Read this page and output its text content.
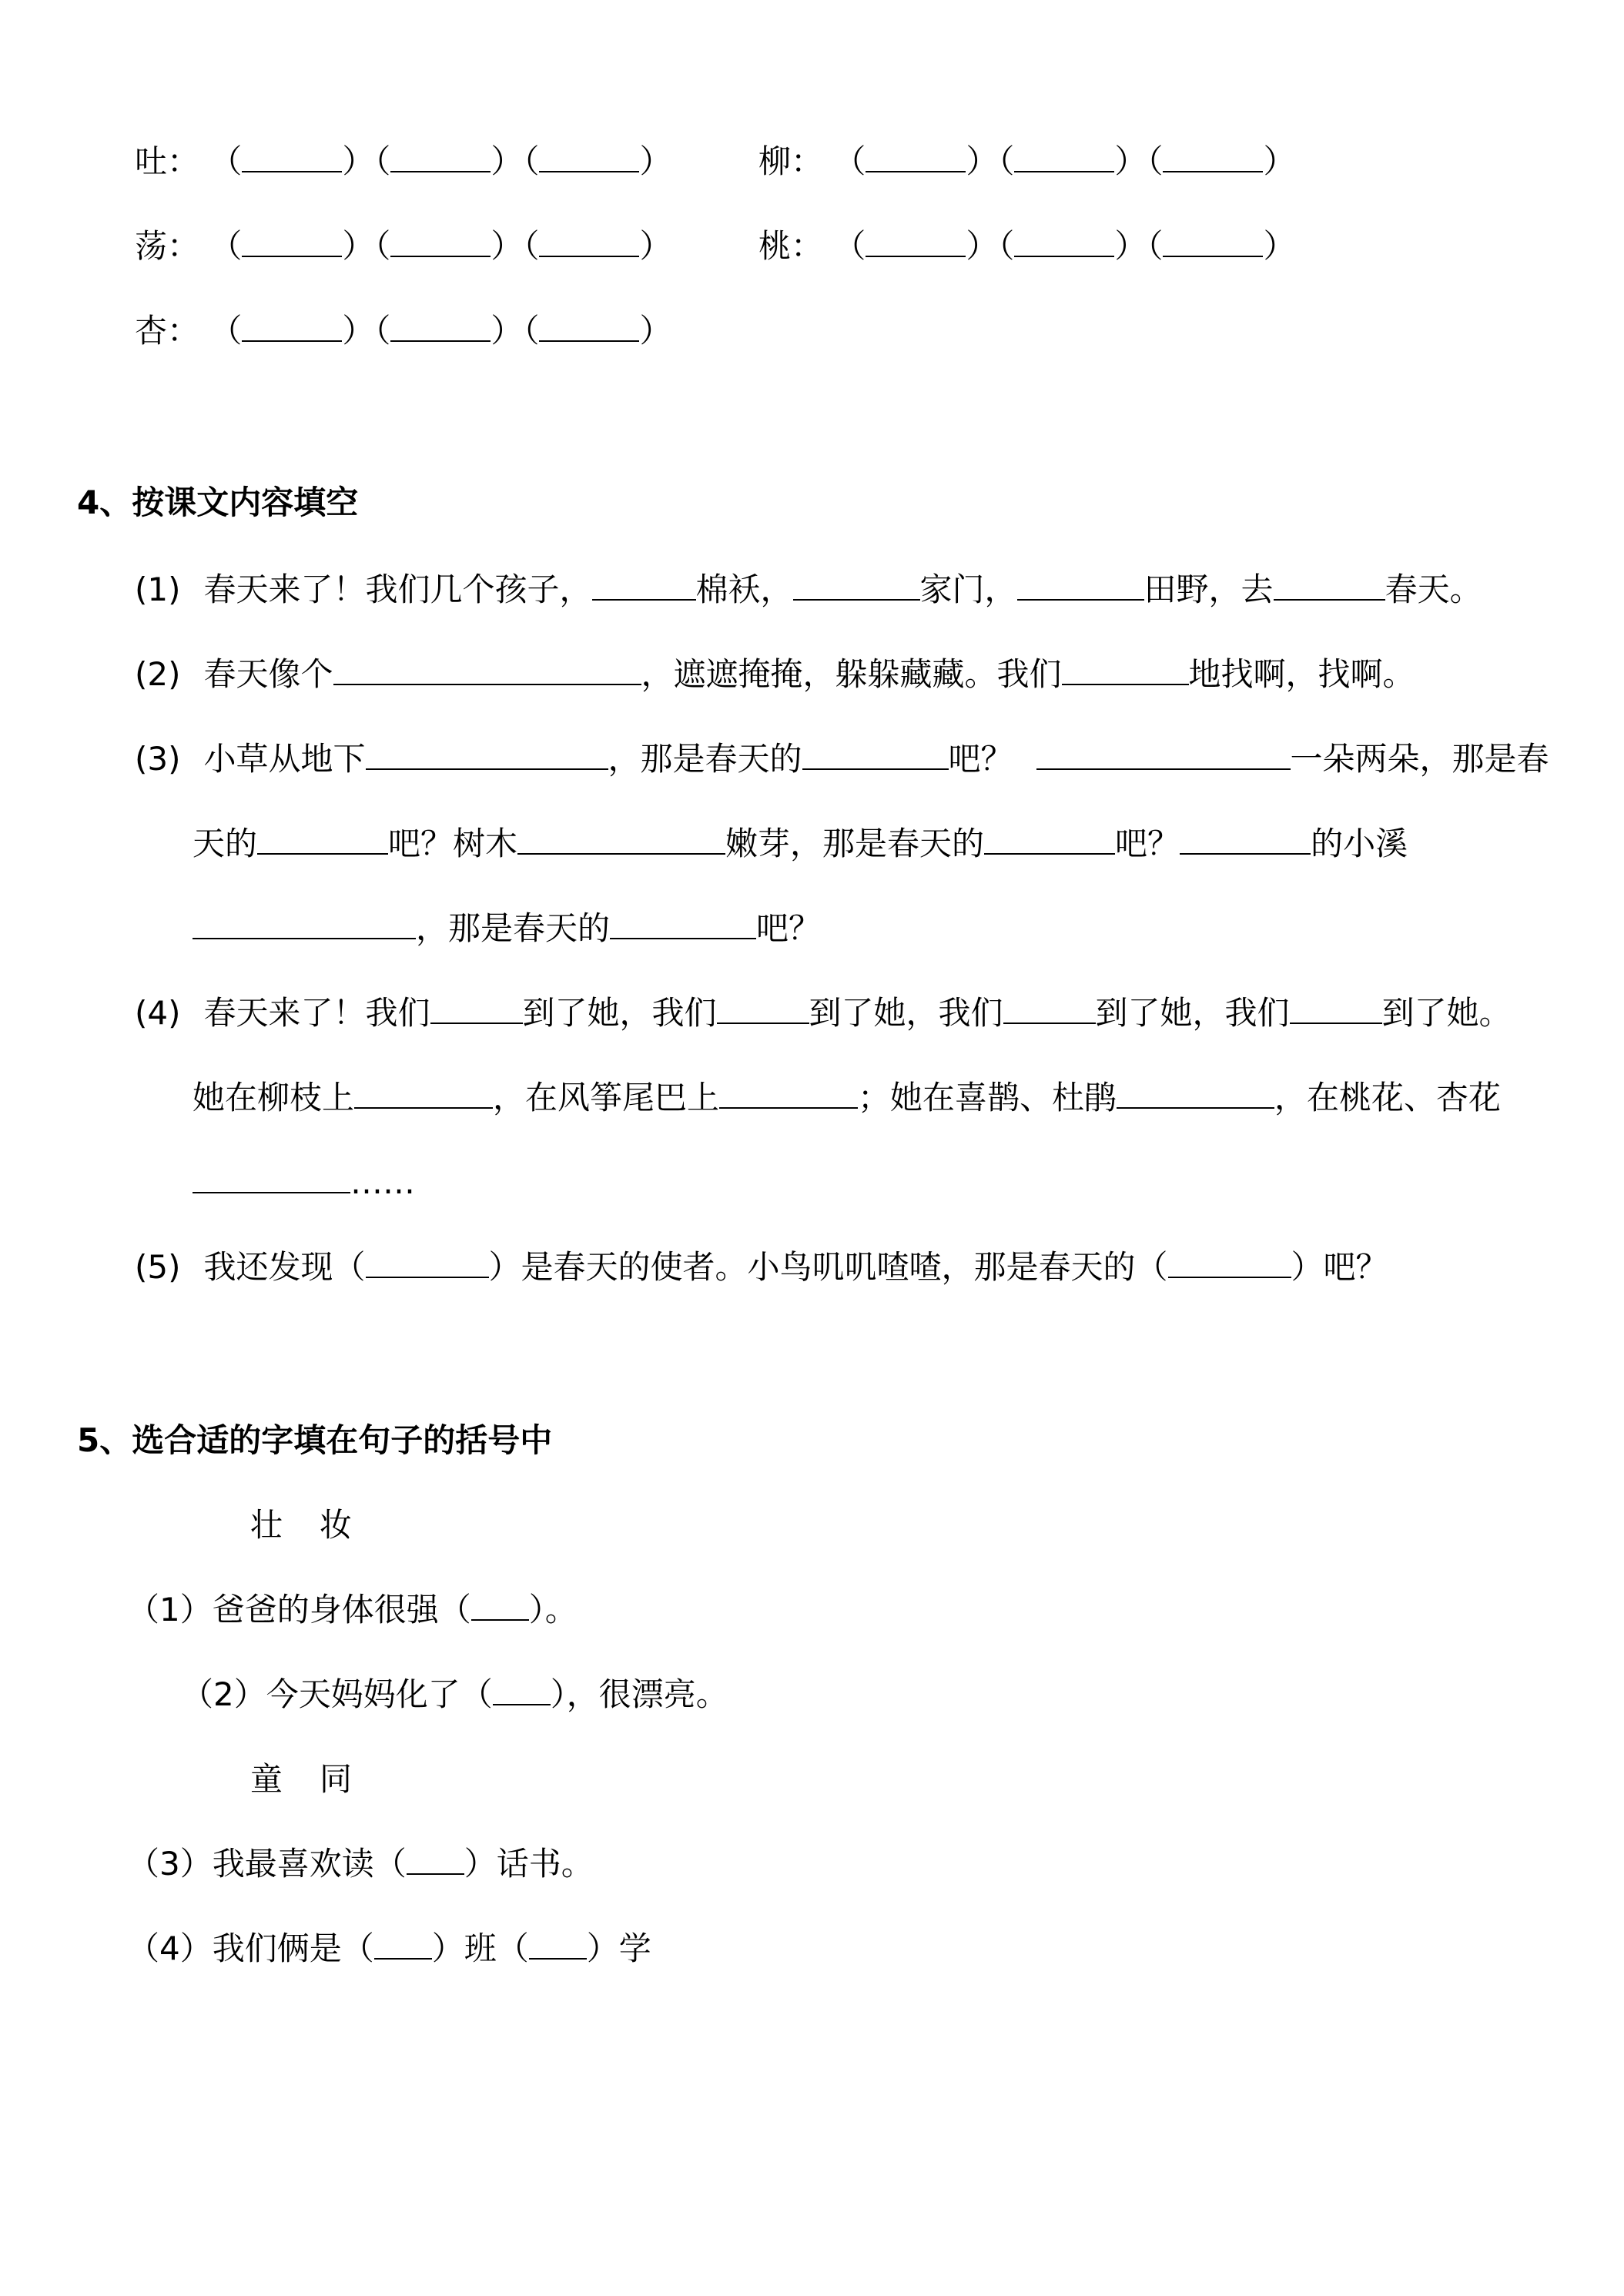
吐： （	）（	）（	）	柳： （	）（	）（	）
荡： （	）（	）（	）	桃： （	）（	）（	）
杏： （	）（	）（	）
4、按课文内容填空
(1) 春天来了！我们几个孩子，	棉袄，	家门，	田野，去	春天。
(2) 春天像个	，遮遮掩掩，躲躲藏藏。我们	地找啊，找啊。
(3) 小草从地下	，那是春天的	吧？	一朵两朵，那是春
天的	吧？树木	嫩芽，那是春天的	吧？	的小溪
，那是春天的	吧？
(4) 春天来了！我们	到了她，我们	到了她，我们	到了她，我们	到了她。
她在柳枝上	，在风筝尾巴上	；她在喜鹊、杜鹃	，在桃花、杏花
……
(5) 我还发现（	）是春天的使者。小鸟叽叽喳喳，那是春天的（	）吧？
5、选合适的字填在句子的括号中
壮 妆
（1）爸爸的身体很强（ ）。
（2）今天妈妈化了（ ），很漂亮。
童 同
（3）我最喜欢读（ ）话书。
（4）我们俩是（ ）班（ ）学
